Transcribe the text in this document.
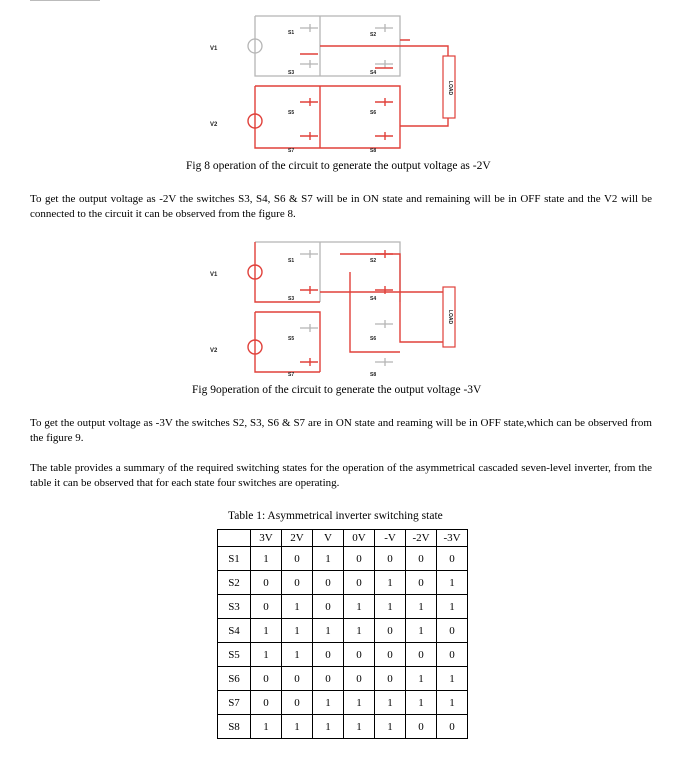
LOAD
V1
V2
S1	S2
S3	S4
S5	S6
S7	S8
Fig 8 operation of the circuit to generate the output voltage as -2V
To get the output voltage as -2V the switches S3, S4, S6 & S7 will be in ON state and remaining will be in OFF state and the V2 will be connected to the circuit it can be observed from the figure 8.
LOAD
V1
V2
S1	S2
S3	S4
S5	S6
S7	S8
Fig 9operation of the circuit to generate the output voltage -3V
To get the output voltage as -3V the switches S2, S3, S6 & S7 are in ON state and reaming will be in OFF state,which can be observed from the figure 9.
The table provides a summary of the required switching states for the operation of the asymmetrical cascaded seven-level inverter, from the table it can be observed that for each state four switches are operating.
Table 1: Asymmetrical inverter switching state
	3V	2V	V	0V	-V	-2V	-3V
S1	1	0	1	0	0	0	0
S2	0	0	0	0	1	0	1
S3	0	1	0	1	1	1	1
S4	1	1	1	1	0	1	0
S5	1	1	0	0	0	0	0
S6	0	0	0	0	0	1	1
S7	0	0	1	1	1	1	1
S8	1	1	1	1	1	0	0
